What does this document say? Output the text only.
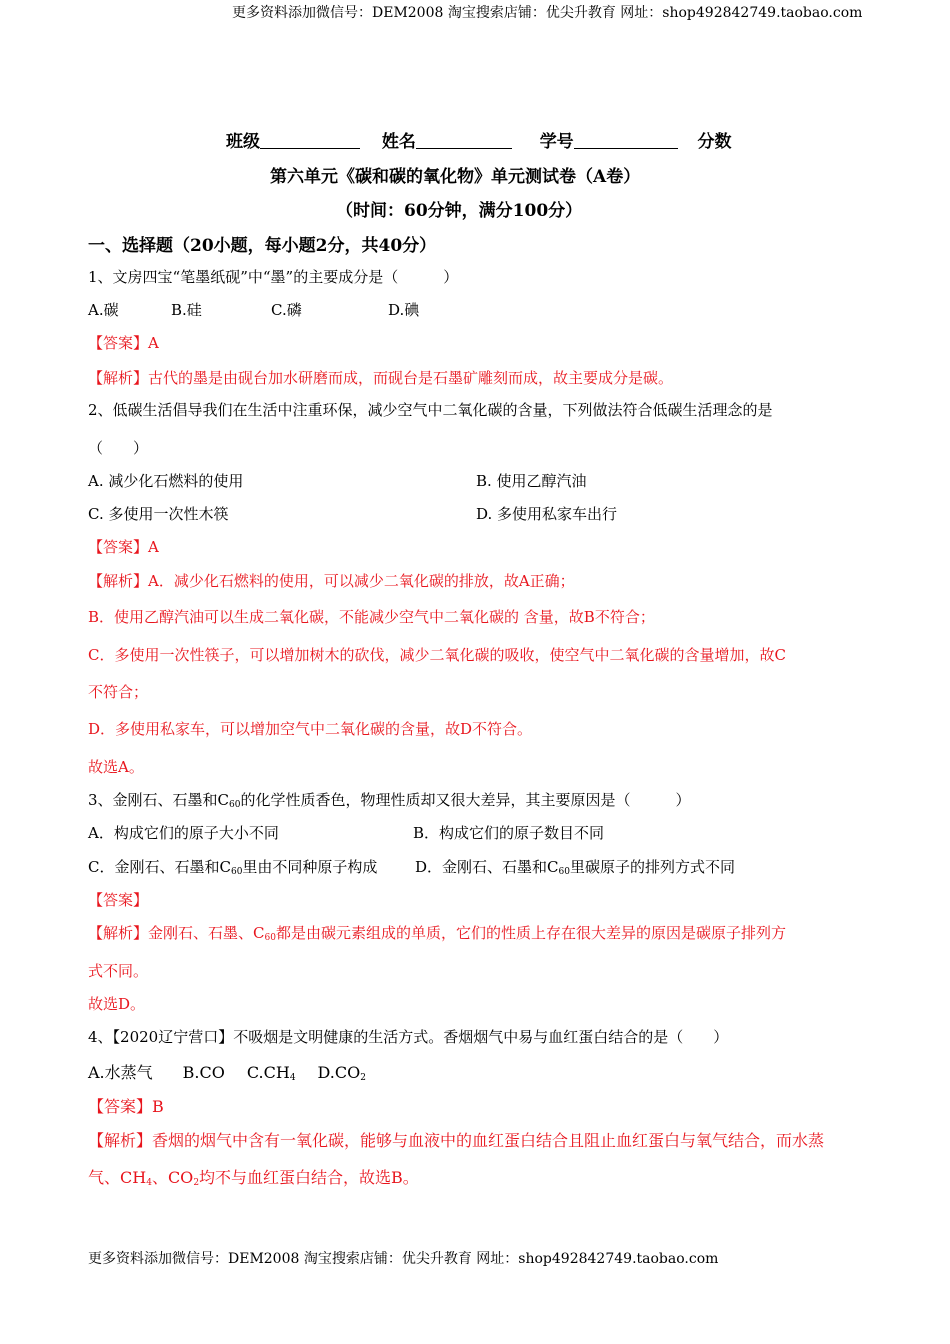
更多资料添加微信号：DEM2008 淘宝搜索店铺：优尖升教育 网址：shop492842749.taobao.com
班级	姓名	学号	分数
第六单元《碳和碳的氧化物》单元测试卷（A卷）
（时间：60分钟，满分100分）
一、选择题（20小题，每小题2分，共40分）
1、文房四宝“笔墨纸砚”中“墨”的主要成分是（　　　）
A.碳	B.硅	C.磷	D.碘
【答案】A
【解析】古代的墨是由砚台加水研磨而成，而砚台是石墨矿雕刻而成，故主要成分是碳。
2、低碳生活倡导我们在生活中注重环保，减少空气中二氧化碳的含量，下列做法符合低碳生活理念的是
（　　）
A. 减少化石燃料的使用	B. 使用乙醇汽油
C. 多使用一次性木筷	D. 多使用私家车出行
【答案】A
【解析】A．减少化石燃料的使用，可以减少二氧化碳的排放，故A正确；
B．使用乙醇汽油可以生成二氧化碳，不能减少空气中二氧化碳的 含量，故B不符合；
C．多使用一次性筷子，可以增加树木的砍伐，减少二氧化碳的吸收，使空气中二氧化碳的含量增加，故C
不符合；
D．多使用私家车，可以增加空气中二氧化碳的含量，故D不符合。
故选A。
3、金刚石、石墨和$C_{60}$的化学性质香色，物理性质却又很大差异，其主要原因是（　　　）
A．构成它们的原子大小不同	B．构成它们的原子数目不同
C．金刚石、石墨和$C_{60}$里由不同种原子构成	D．金刚石、石墨和$C_{60}$里碳原子的排列方式不同
【答案】
【解析】金刚石、石墨、$C_{60}$都是由碳元素组成的单质，它们的性质上存在很大差异的原因是碳原子排列方
式不同。
故选D。
4、【2020辽宁营口】不吸烟是文明健康的生活方式。香烟烟气中易与血红蛋白结合的是（　　）
A.水蒸气 B.CO $C.CH_4$ $D.CO_2$
【答案】B
【解析】香烟的烟气中含有一氧化碳，能够与血液中的血红蛋白结合且阻止血红蛋白与氧气结合，而水蒸
气、$CH_4$、$CO_2$均不与血红蛋白结合，故选B。
更多资料添加微信号：DEM2008 淘宝搜索店铺：优尖升教育 网址：shop492842749.taobao.com
